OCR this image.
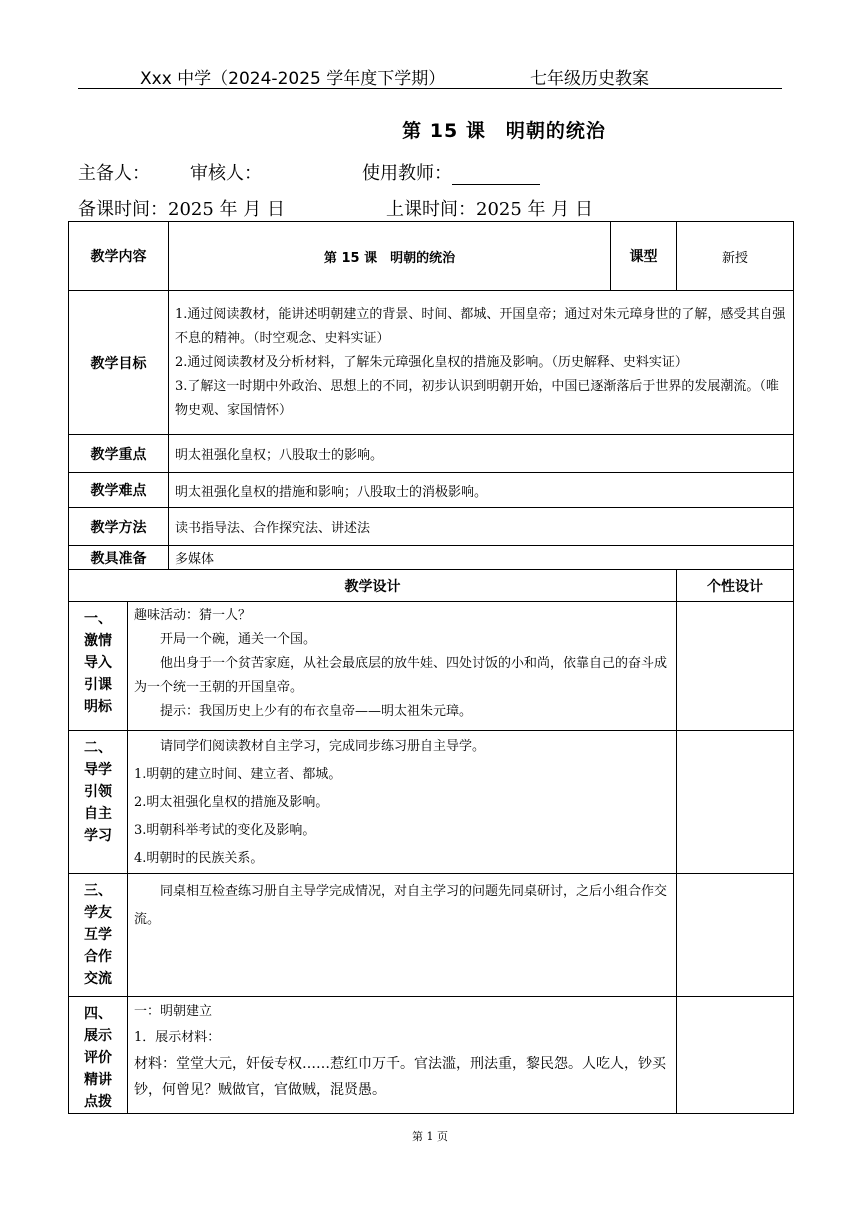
Xxx 中学（2024-2025 学年度下学期）	七年级历史教案
第 15 课　明朝的统治
主备人： 审核人：	使用教师：
备课时间：2025 年 月 日	上课时间：2025 年 月 日
教学内容		第 15 课　明朝的统治	课型	新授
教学目标		1.通过阅读教材，能讲述明朝建立的背景、时间、都城、开国皇帝；通过对朱元璋身世的了解，感受其自强不息的精神。（时空观念、史料实证）

2.通过阅读教材及分析材料，了解朱元璋强化皇权的措施及影响。（历史解释、史料实证）

3.了解这一时期中外政治、思想上的不同，初步认识到明朝开始，中国已逐渐落后于世界的发展潮流。（唯物史观、家国情怀）		

教学重点		明太祖强化皇权；八股取士的影响。		
教学难点		明太祖强化皇权的措施和影响；八股取士的消极影响。		
教学方法		读书指导法、合作探究法、讲述法		
教具准备		多媒体		
教学设计				个性设计
一、激情导入引课明标	趣味活动：猜一人？

开局一个碗，通关一个国。

他出身于一个贫苦家庭，从社会最底层的放牛娃、四处讨饭的小和尚，依靠自己的奋斗成为一个统一王朝的开国皇帝。

提示：我国历史上少有的布衣皇帝——明太祖朱元璋。			

二、导学引领自主学习	请同学们阅读教材自主学习，完成同步练习册自主导学。

1.明朝的建立时间、建立者、都城。

2.明太祖强化皇权的措施及影响。

3.明朝科举考试的变化及影响。

4.明朝时的民族关系。			

三、学友互学合作交流	同桌相互检查练习册自主导学完成情况，对自主学习的问题先同桌研讨，之后小组合作交流。			

四、展示评价精讲点拨	一：明朝建立

1．展示材料：

材料：堂堂大元，奸佞专权……惹红巾万千。官法滥，刑法重，黎民怨。人吃人，钞买钞，何曾见？贼做官，官做贼，混贤愚。			

第 1 页
